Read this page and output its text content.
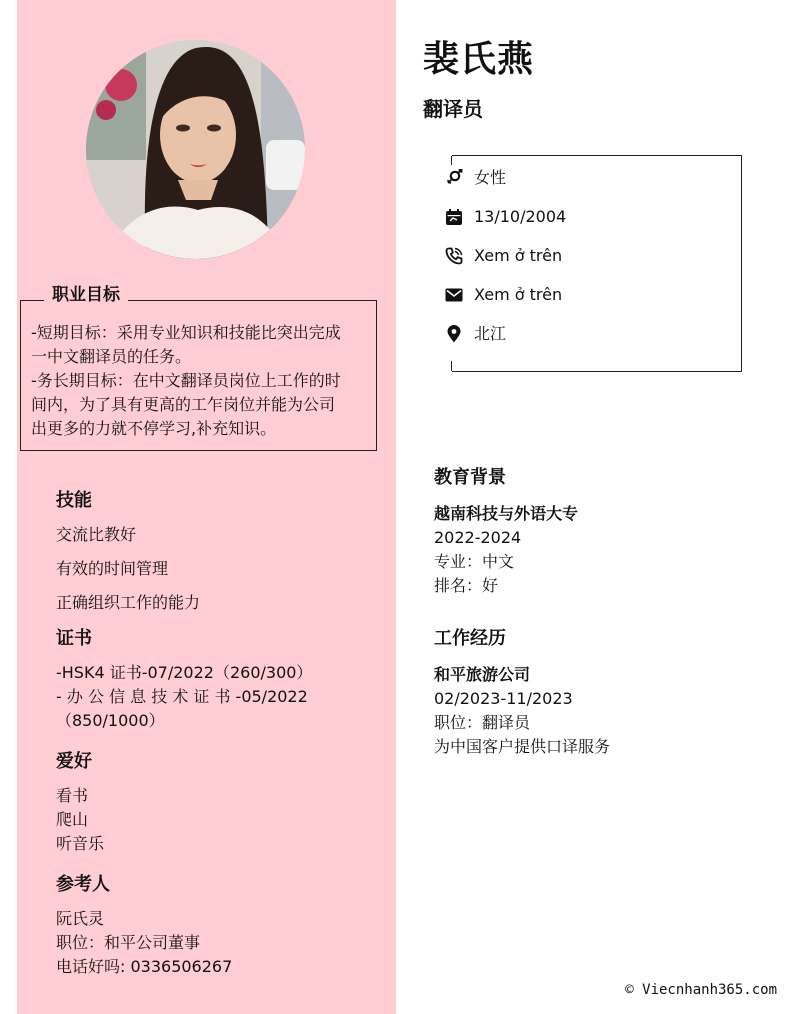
职业目标
-短期目标：采用专业知识和技能比突出完成
一中文翻译员的任务。
-务长期目标：在中文翻译员岗位上工作的时
间内，为了具有更高的工乍岗位并能为公司
出更多的力就不停学习,补充知识。
技能
交流比教好
有效的时间管理
正确组织工作的能力
证书
-HSK4 证书-07/2022（260/300）
- 办 公 信 息 技 术 证 书 -05/2022
（850/1000）
爱好
看书
爬山
听音乐
参考人
阮氏灵
职位：和平公司董事
电话好吗: 0336506267
裴氏燕
翻译员
女性
13/10/2004
Xem ở trên
Xem ở trên
北江
教育背景
越南科技与外语大专
2022-2024
专业：中文
排名：好
工作经历
和平旅游公司
02/2023-11/2023
职位：翻译员
为中国客户提供口译服务
© Viecnhanh365.com
